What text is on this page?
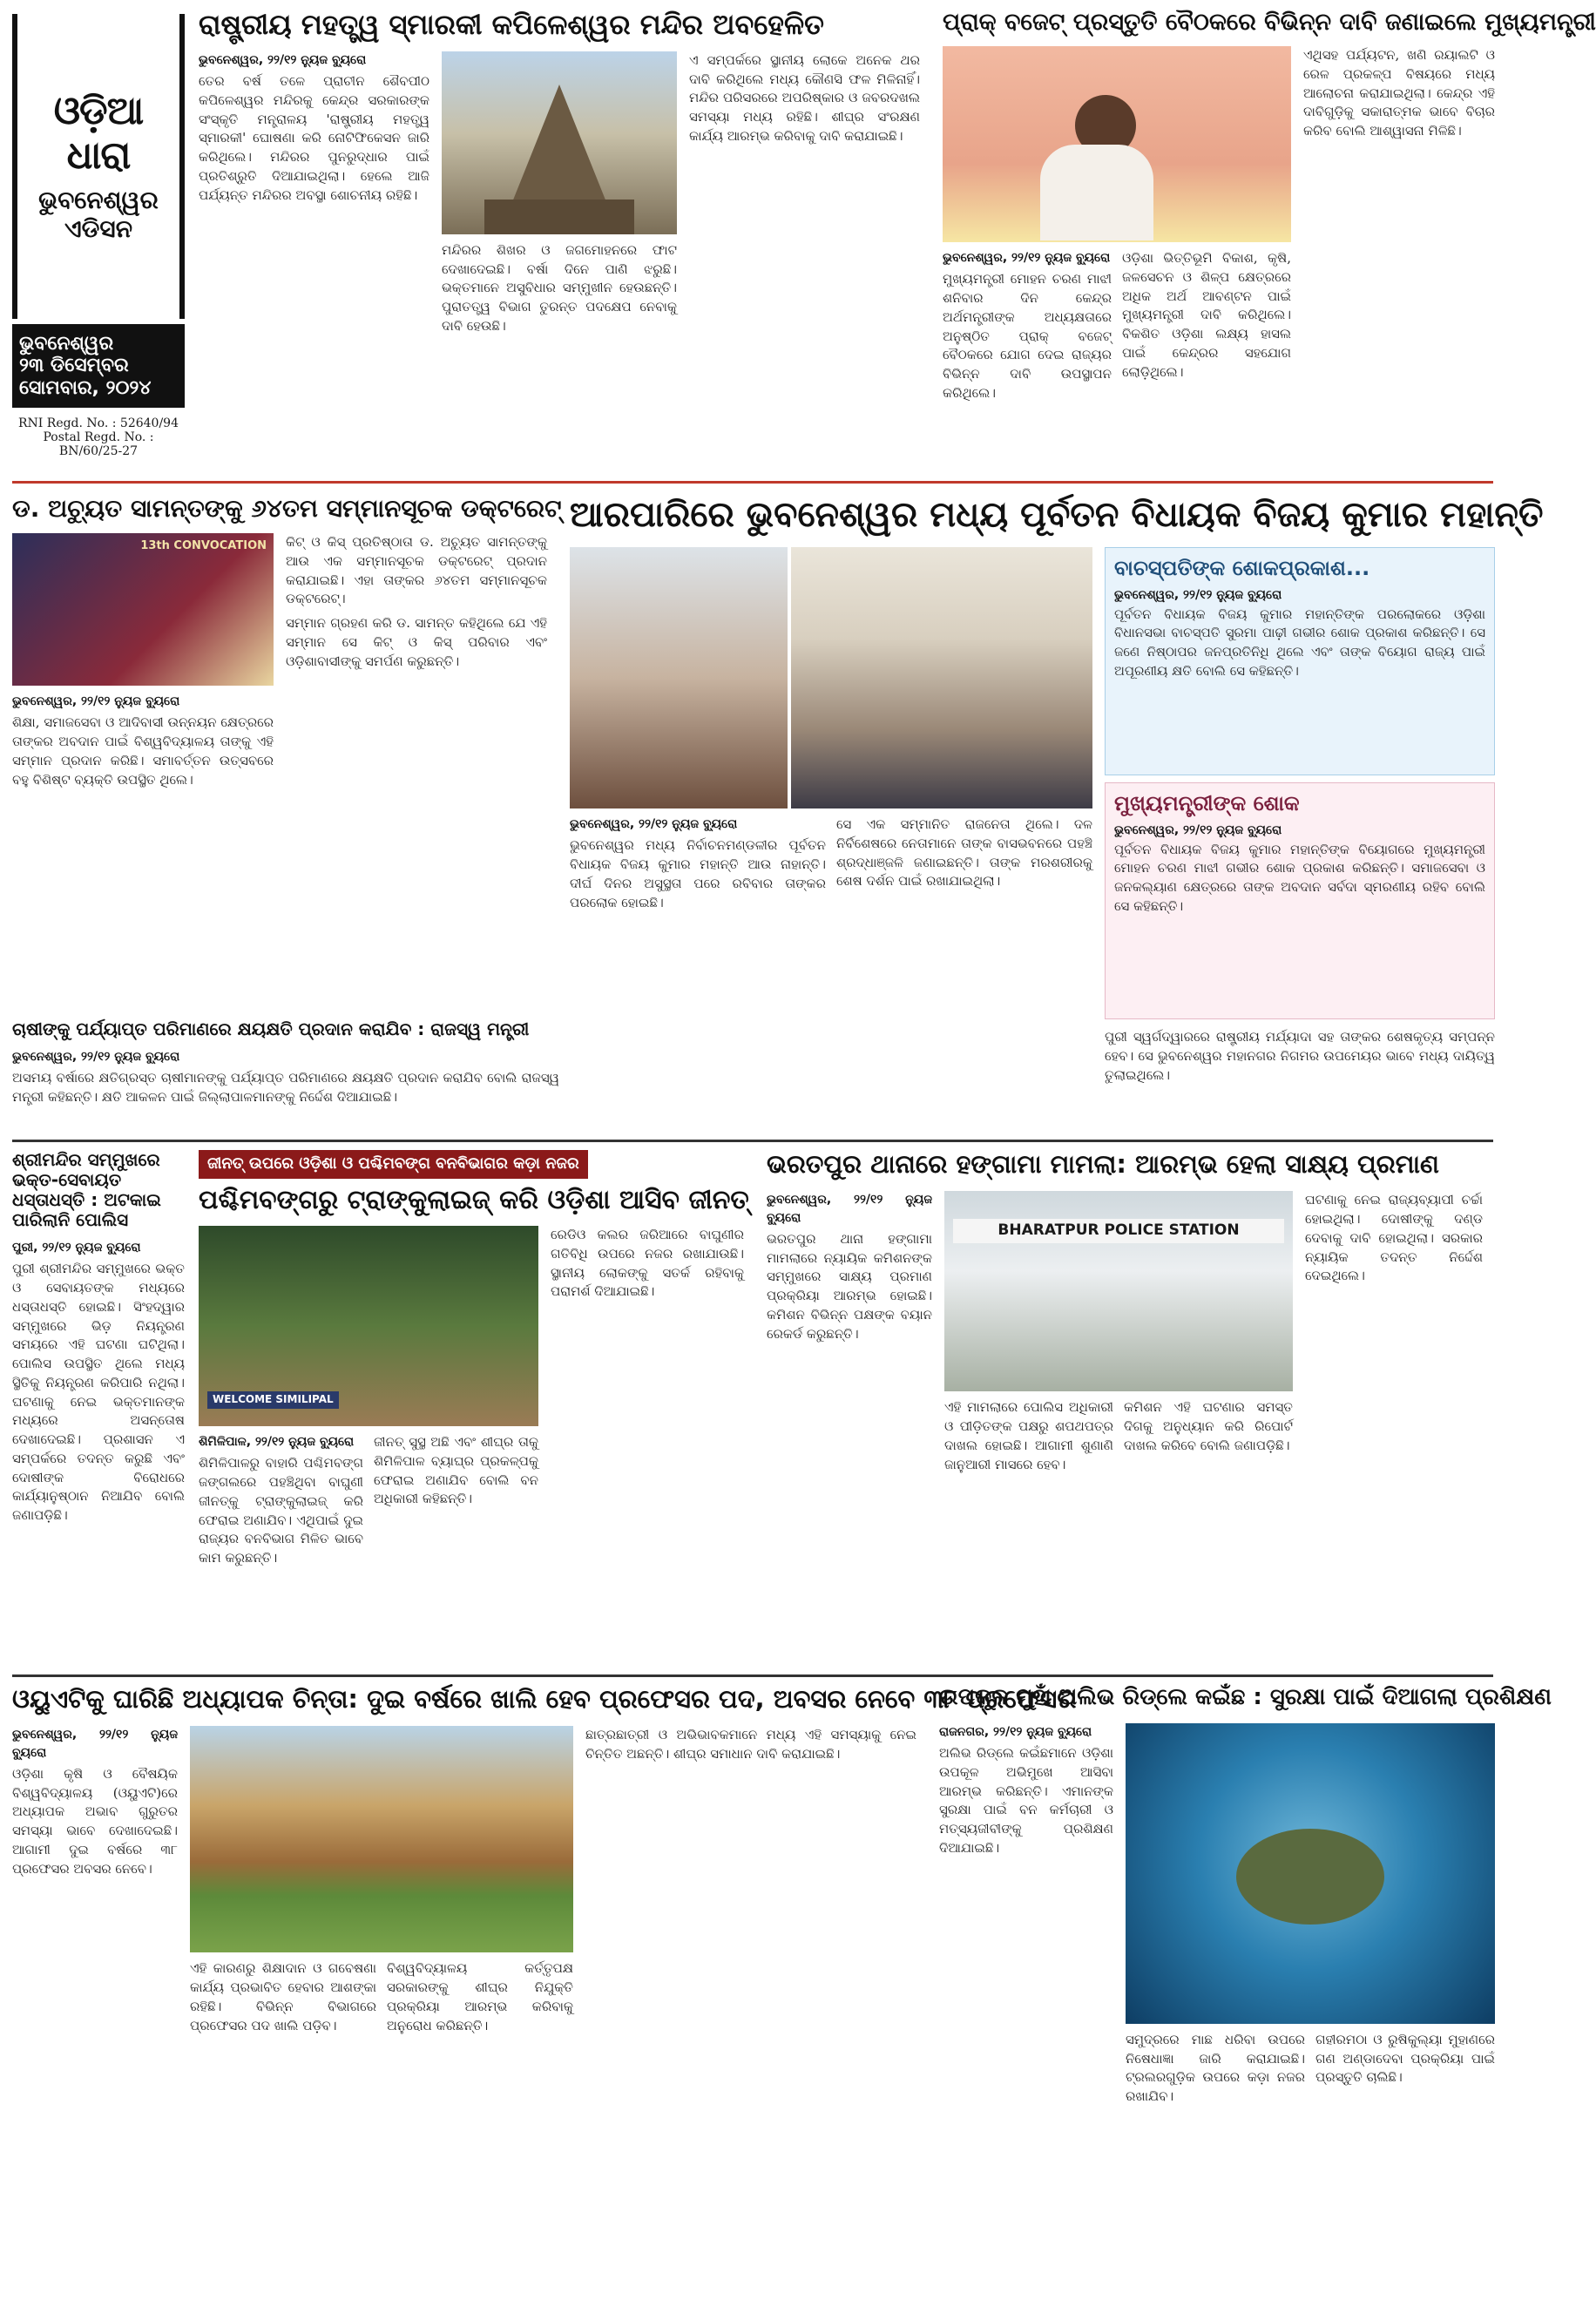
ଓଡ଼ିଆ ଧାରା
ଭୁବନେଶ୍ୱର ଏଡିସନ
ଭୁବନେଶ୍ୱର
୨୩ ଡିସେମ୍ବର
ସୋମବାର, ୨୦୨୪
RNI Regd. No. : 52640/94
Postal Regd. No. :
BN/60/25-27
ରାଷ୍ଟ୍ରୀୟ ମହତ୍ତ୍ୱ ସ୍ମାରକୀ କପିଳେଶ୍ୱର ମନ୍ଦିର ଅବହେଳିତ
ଭୁବନେଶ୍ୱର, ୨୨/୧୨ ନ୍ୟୁଜ ବ୍ୟୁରୋ
ତେର ବର୍ଷ ତଳେ ପ୍ରାଚୀନ ଶୈବପୀଠ କପିଳେଶ୍ୱର ମନ୍ଦିରକୁ କେନ୍ଦ୍ର ସରକାରଙ୍କ ସଂସ୍କୃତି ମନ୍ତ୍ରାଳୟ 'ରାଷ୍ଟ୍ରୀୟ ମହତ୍ତ୍ୱ ସ୍ମାରକୀ' ଘୋଷଣା କରି ନୋଟିଫିକେସନ ଜାରି କରିଥିଲେ। ମନ୍ଦିରର ପୁନରୁଦ୍ଧାର ପାଇଁ ପ୍ରତିଶ୍ରୁତି ଦିଆଯାଇଥିଲା। ହେଲେ ଆଜି ପର୍ଯ୍ୟନ୍ତ ମନ୍ଦିରର ଅବସ୍ଥା ଶୋଚନୀୟ ରହିଛି।
ମନ୍ଦିରର ଶିଖର ଓ ଜଗମୋହନରେ ଫାଟ ଦେଖାଦେଇଛି। ବର୍ଷା ଦିନେ ପାଣି ଝରୁଛି। ଭକ୍ତମାନେ ଅସୁବିଧାର ସମ୍ମୁଖୀନ ହେଉଛନ୍ତି। ପୁରାତତ୍ତ୍ୱ ବିଭାଗ ତୁରନ୍ତ ପଦକ୍ଷେପ ନେବାକୁ ଦାବି ହେଉଛି।
ଏ ସମ୍ପର୍କରେ ସ୍ଥାନୀୟ ଲୋକେ ଅନେକ ଥର ଦାବି କରିଥିଲେ ମଧ୍ୟ କୌଣସି ଫଳ ମିଳିନାହିଁ। ମନ୍ଦିର ପରିସରରେ ଅପରିଷ୍କାର ଓ ଜବରଦଖଲ ସମସ୍ୟା ମଧ୍ୟ ରହିଛି। ଶୀଘ୍ର ସଂରକ୍ଷଣ କାର୍ଯ୍ୟ ଆରମ୍ଭ କରିବାକୁ ଦାବି କରାଯାଇଛି।
ପ୍ରାକ୍ ବଜେଟ୍ ପ୍ରସ୍ତୁତି ବୈଠକରେ ବିଭିନ୍ନ ଦାବି ଜଣାଇଲେ ମୁଖ୍ୟମନ୍ତ୍ରୀ
ଭୁବନେଶ୍ୱର, ୨୨/୧୨ ନ୍ୟୁଜ ବ୍ୟୁରୋ
ମୁଖ୍ୟମନ୍ତ୍ରୀ ମୋହନ ଚରଣ ମାଝୀ ଶନିବାର ଦିନ କେନ୍ଦ୍ର ଅର୍ଥମନ୍ତ୍ରୀଙ୍କ ଅଧ୍ୟକ୍ଷତାରେ ଅନୁଷ୍ଠିତ ପ୍ରାକ୍ ବଜେଟ୍ ବୈଠକରେ ଯୋଗ ଦେଇ ରାଜ୍ୟର ବିଭିନ୍ନ ଦାବି ଉପସ୍ଥାପନ କରିଥିଲେ।
ଓଡ଼ିଶା ଭିତ୍ତିଭୂମି ବିକାଶ, କୃଷି, ଜଳସେଚନ ଓ ଶିଳ୍ପ କ୍ଷେତ୍ରରେ ଅଧିକ ଅର୍ଥ ଆବଣ୍ଟନ ପାଇଁ ମୁଖ୍ୟମନ୍ତ୍ରୀ ଦାବି କରିଥିଲେ। ବିକଶିତ ଓଡ଼ିଶା ଲକ୍ଷ୍ୟ ହାସଲ ପାଇଁ କେନ୍ଦ୍ରର ସହଯୋଗ ଲୋଡ଼ିଥିଲେ।
ଏଥିସହ ପର୍ଯ୍ୟଟନ, ଖଣି ରୟାଲଟି ଓ ରେଳ ପ୍ରକଳ୍ପ ବିଷୟରେ ମଧ୍ୟ ଆଲୋଚନା କରାଯାଇଥିଲା। କେନ୍ଦ୍ର ଏହି ଦାବିଗୁଡ଼ିକୁ ସକାରାତ୍ମକ ଭାବେ ବିଚାର କରିବ ବୋଲି ଆଶ୍ୱାସନା ମିଳିଛି।
ଡ. ଅଚ୍ୟୁତ ସାମନ୍ତଙ୍କୁ ୬୪ତମ ସମ୍ମାନସୂଚକ ଡକ୍ଟରେଟ୍
13th CONVOCATION
ଭୁବନେଶ୍ୱର, ୨୨/୧୨ ନ୍ୟୁଜ ବ୍ୟୁରୋ
ଶିକ୍ଷା, ସମାଜସେବା ଓ ଆଦିବାସୀ ଉନ୍ନୟନ କ୍ଷେତ୍ରରେ ତାଙ୍କର ଅବଦାନ ପାଇଁ ବିଶ୍ୱବିଦ୍ୟାଳୟ ତାଙ୍କୁ ଏହି ସମ୍ମାନ ପ୍ରଦାନ କରିଛି। ସମାବର୍ତ୍ତନ ଉତ୍ସବରେ ବହୁ ବିଶିଷ୍ଟ ବ୍ୟକ୍ତି ଉପସ୍ଥିତ ଥିଲେ।
କିଟ୍ ଓ କିସ୍ ପ୍ରତିଷ୍ଠାତା ଡ. ଅଚ୍ୟୁତ ସାମନ୍ତଙ୍କୁ ଆଉ ଏକ ସମ୍ମାନସୂଚକ ଡକ୍ଟରେଟ୍ ପ୍ରଦାନ କରାଯାଇଛି। ଏହା ତାଙ୍କର ୬୪ତମ ସମ୍ମାନସୂଚକ ଡକ୍ଟରେଟ୍।
ସମ୍ମାନ ଗ୍ରହଣ କରି ଡ. ସାମନ୍ତ କହିଥିଲେ ଯେ ଏହି ସମ୍ମାନ ସେ କିଟ୍ ଓ କିସ୍ ପରିବାର ଏବଂ ଓଡ଼ିଶାବାସୀଙ୍କୁ ସମର୍ପଣ କରୁଛନ୍ତି।
ଆରପାରିରେ ଭୁବନେଶ୍ୱର ମଧ୍ୟ ପୂର୍ବତନ ବିଧାୟକ ବିଜୟ କୁମାର ମହାନ୍ତି
ଭୁବନେଶ୍ୱର, ୨୨/୧୨ ନ୍ୟୁଜ ବ୍ୟୁରୋ
ଭୁବନେଶ୍ୱର ମଧ୍ୟ ନିର୍ବାଚନମଣ୍ଡଳୀର ପୂର୍ବତନ ବିଧାୟକ ବିଜୟ କୁମାର ମହାନ୍ତି ଆଉ ନାହାନ୍ତି। ଦୀର୍ଘ ଦିନର ଅସୁସ୍ଥତା ପରେ ରବିବାର ତାଙ୍କର ପରଲୋକ ହୋଇଛି।
ସେ ଏକ ସମ୍ମାନିତ ରାଜନେତା ଥିଲେ। ଦଳ ନିର୍ବିଶେଷରେ ନେତାମାନେ ତାଙ୍କ ବାସଭବନରେ ପହଞ୍ଚି ଶ୍ରଦ୍ଧାଞ୍ଜଳି ଜଣାଇଛନ୍ତି। ତାଙ୍କ ମରଶରୀରକୁ ଶେଷ ଦର୍ଶନ ପାଇଁ ରଖାଯାଇଥିଲା।
ବାଚସ୍ପତିଙ୍କ ଶୋକପ୍ରକାଶ...
ଭୁବନେଶ୍ୱର, ୨୨/୧୨ ନ୍ୟୁଜ ବ୍ୟୁରୋ
ପୂର୍ବତନ ବିଧାୟକ ବିଜୟ କୁମାର ମହାନ୍ତିଙ୍କ ପରଲୋକରେ ଓଡ଼ିଶା ବିଧାନସଭା ବାଚସ୍ପତି ସୁରମା ପାଢ଼ୀ ଗଭୀର ଶୋକ ପ୍ରକାଶ କରିଛନ୍ତି। ସେ ଜଣେ ନିଷ୍ଠାପର ଜନପ୍ରତିନିଧି ଥିଲେ ଏବଂ ତାଙ୍କ ବିୟୋଗ ରାଜ୍ୟ ପାଇଁ ଅପୂରଣୀୟ କ୍ଷତି ବୋଲି ସେ କହିଛନ୍ତି।
ମୁଖ୍ୟମନ୍ତ୍ରୀଙ୍କ ଶୋକ
ଭୁବନେଶ୍ୱର, ୨୨/୧୨ ନ୍ୟୁଜ ବ୍ୟୁରୋ
ପୂର୍ବତନ ବିଧାୟକ ବିଜୟ କୁମାର ମହାନ୍ତିଙ୍କ ବିୟୋଗରେ ମୁଖ୍ୟମନ୍ତ୍ରୀ ମୋହନ ଚରଣ ମାଝୀ ଗଭୀର ଶୋକ ପ୍ରକାଶ କରିଛନ୍ତି। ସମାଜସେବା ଓ ଜନକଲ୍ୟାଣ କ୍ଷେତ୍ରରେ ତାଙ୍କ ଅବଦାନ ସର୍ବଦା ସ୍ମରଣୀୟ ରହିବ ବୋଲି ସେ କହିଛନ୍ତି।
ପୁରୀ ସ୍ୱର୍ଗଦ୍ୱାରରେ ରାଷ୍ଟ୍ରୀୟ ମର୍ଯ୍ୟାଦା ସହ ତାଙ୍କର ଶେଷକୃତ୍ୟ ସମ୍ପନ୍ନ ହେବ। ସେ ଭୁବନେଶ୍ୱର ମହାନଗର ନିଗମର ଉପମେୟର ଭାବେ ମଧ୍ୟ ଦାୟିତ୍ୱ ତୁଲାଇଥିଲେ।
ଚାଷୀଙ୍କୁ ପର୍ଯ୍ୟାପ୍ତ ପରିମାଣରେ କ୍ଷୟକ୍ଷତି ପ୍ରଦାନ କରାଯିବ : ରାଜସ୍ୱ ମନ୍ତ୍ରୀ
ଭୁବନେଶ୍ୱର, ୨୨/୧୨ ନ୍ୟୁଜ ବ୍ୟୁରୋ
ଅସମୟ ବର୍ଷାରେ କ୍ଷତିଗ୍ରସ୍ତ ଚାଷୀମାନଙ୍କୁ ପର୍ଯ୍ୟାପ୍ତ ପରିମାଣରେ କ୍ଷୟକ୍ଷତି ପ୍ରଦାନ କରାଯିବ ବୋଲି ରାଜସ୍ୱ ମନ୍ତ୍ରୀ କହିଛନ୍ତି। କ୍ଷତି ଆକଳନ ପାଇଁ ଜିଲ୍ଲାପାଳମାନଙ୍କୁ ନିର୍ଦ୍ଦେଶ ଦିଆଯାଇଛି।
ଶ୍ରୀମନ୍ଦିର ସମ୍ମୁଖରେ ଭକ୍ତ-ସେବାୟତ ଧସ୍ତାଧସ୍ତି : ଅଟକାଇ ପାରିଲାନି ପୋଲିସ
ପୁରୀ, ୨୨/୧୨ ନ୍ୟୁଜ ବ୍ୟୁରୋ
ପୁରୀ ଶ୍ରୀମନ୍ଦିର ସମ୍ମୁଖରେ ଭକ୍ତ ଓ ସେବାୟତଙ୍କ ମଧ୍ୟରେ ଧସ୍ତାଧସ୍ତି ହୋଇଛି। ସିଂହଦ୍ୱାର ସମ୍ମୁଖରେ ଭିଡ଼ ନିୟନ୍ତ୍ରଣ ସମୟରେ ଏହି ଘଟଣା ଘଟିଥିଲା। ପୋଲିସ ଉପସ୍ଥିତ ଥିଲେ ମଧ୍ୟ ସ୍ଥିତିକୁ ନିୟନ୍ତ୍ରଣ କରିପାରି ନଥିଲା। ଘଟଣାକୁ ନେଇ ଭକ୍ତମାନଙ୍କ ମଧ୍ୟରେ ଅସନ୍ତୋଷ ଦେଖାଦେଇଛି। ପ୍ରଶାସନ ଏ ସମ୍ପର୍କରେ ତଦନ୍ତ କରୁଛି ଏବଂ ଦୋଷୀଙ୍କ ବିରୋଧରେ କାର୍ଯ୍ୟାନୁଷ୍ଠାନ ନିଆଯିବ ବୋଲି ଜଣାପଡ଼ିଛି।
ଜୀନତ୍ ଉପରେ ଓଡ଼ିଶା ଓ ପଶ୍ଚିମବଙ୍ଗ ବନବିଭାଗର କଡ଼ା ନଜର
ପଶ୍ଚିମବଙ୍ଗରୁ ଟ୍ରାଙ୍କୁଲାଇଜ୍ କରି ଓଡ଼ିଶା ଆସିବ ଜୀନତ୍
WELCOME SIMILIPAL
ଶିମିଳିପାଳ, ୨୨/୧୨ ନ୍ୟୁଜ ବ୍ୟୁରୋ
ଶିମିଳିପାଳରୁ ବାହାରି ପଶ୍ଚିମବଙ୍ଗ ଜଙ୍ଗଲରେ ପହଞ୍ଚିଥିବା ବାଘୁଣୀ ଜୀନତ୍‌କୁ ଟ୍ରାଙ୍କୁଲାଇଜ୍ କରି ଫେରାଇ ଅଣାଯିବ। ଏଥିପାଇଁ ଦୁଇ ରାଜ୍ୟର ବନବିଭାଗ ମିଳିତ ଭାବେ କାମ କରୁଛନ୍ତି।
ଜୀନତ୍ ସୁସ୍ଥ ଅଛି ଏବଂ ଶୀଘ୍ର ତାକୁ ଶିମିଳିପାଳ ବ୍ୟାଘ୍ର ପ୍ରକଳ୍ପକୁ ଫେରାଇ ଅଣାଯିବ ବୋଲି ବନ ଅଧିକାରୀ କହିଛନ୍ତି।
ରେଡିଓ କଲର ଜରିଆରେ ବାଘୁଣୀର ଗତିବିଧି ଉପରେ ନଜର ରଖାଯାଉଛି। ସ୍ଥାନୀୟ ଲୋକଙ୍କୁ ସତର୍କ ରହିବାକୁ ପରାମର୍ଶ ଦିଆଯାଇଛି।
ଭରତପୁର ଥାନାରେ ହଙ୍ଗାମା ମାମଲା: ଆରମ୍ଭ ହେଲା ସାକ୍ଷ୍ୟ ପ୍ରମାଣ
ଭୁବନେଶ୍ୱର, ୨୨/୧୨ ନ୍ୟୁଜ ବ୍ୟୁରୋ
ଭରତପୁର ଥାନା ହଙ୍ଗାମା ମାମଲାରେ ନ୍ୟାୟିକ କମିଶନଙ୍କ ସମ୍ମୁଖରେ ସାକ୍ଷ୍ୟ ପ୍ରମାଣ ପ୍ରକ୍ରିୟା ଆରମ୍ଭ ହୋଇଛି। କମିଶନ ବିଭିନ୍ନ ପକ୍ଷଙ୍କ ବୟାନ ରେକର୍ଡ କରୁଛନ୍ତି।
BHARATPUR POLICE STATION
ଏହି ମାମଲାରେ ପୋଲିସ ଅଧିକାରୀ ଓ ପୀଡ଼ିତଙ୍କ ପକ୍ଷରୁ ଶପଥପତ୍ର ଦାଖଲ ହୋଇଛି। ଆଗାମୀ ଶୁଣାଣି ଜାନୁଆରୀ ମାସରେ ହେବ।
କମିଶନ ଏହି ଘଟଣାର ସମସ୍ତ ଦିଗକୁ ଅନୁଧ୍ୟାନ କରି ରିପୋର୍ଟ ଦାଖଲ କରିବେ ବୋଲି ଜଣାପଡ଼ିଛି।
ଘଟଣାକୁ ନେଇ ରାଜ୍ୟବ୍ୟାପୀ ଚର୍ଚ୍ଚା ହୋଇଥିଲା। ଦୋଷୀଙ୍କୁ ଦଣ୍ଡ ଦେବାକୁ ଦାବି ହୋଇଥିଲା। ସରକାର ନ୍ୟାୟିକ ତଦନ୍ତ ନିର୍ଦ୍ଦେଶ ଦେଇଥିଲେ।
ଓୟୁଏଟିକୁ ଘାରିଛି ଅଧ୍ୟାପକ ଚିନ୍ତା: ଦୁଇ ବର୍ଷରେ ଖାଲି ହେବ ପ୍ରଫେସର ପଦ, ଅବସର ନେବେ ୩୮ ପ୍ରଫେସର
ଭୁବନେଶ୍ୱର, ୨୨/୧୨ ନ୍ୟୁଜ ବ୍ୟୁରୋ
ଓଡ଼ିଶା କୃଷି ଓ ବୈଷୟିକ ବିଶ୍ୱବିଦ୍ୟାଳୟ (ଓୟୁଏଟି)ରେ ଅଧ୍ୟାପକ ଅଭାବ ଗୁରୁତର ସମସ୍ୟା ଭାବେ ଦେଖାଦେଇଛି। ଆଗାମୀ ଦୁଇ ବର୍ଷରେ ୩୮ ପ୍ରଫେସର ଅବସର ନେବେ।
ଏହି କାରଣରୁ ଶିକ୍ଷାଦାନ ଓ ଗବେଷଣା କାର୍ଯ୍ୟ ପ୍ରଭାବିତ ହେବାର ଆଶଙ୍କା ରହିଛି। ବିଭିନ୍ନ ବିଭାଗରେ ପ୍ରଫେସର ପଦ ଖାଲି ପଡ଼ିବ।
ବିଶ୍ୱବିଦ୍ୟାଳୟ କର୍ତ୍ତୃପକ୍ଷ ସରକାରଙ୍କୁ ଶୀଘ୍ର ନିଯୁକ୍ତି ପ୍ରକ୍ରିୟା ଆରମ୍ଭ କରିବାକୁ ଅନୁରୋଧ କରିଛନ୍ତି।
ଛାତ୍ରଛାତ୍ରୀ ଓ ଅଭିଭାବକମାନେ ମଧ୍ୟ ଏହି ସମସ୍ୟାକୁ ନେଇ ଚିନ୍ତିତ ଅଛନ୍ତି। ଶୀଘ୍ର ସମାଧାନ ଦାବି କରାଯାଇଛି।
ଉପକୂଳ ମୁହାଁ ଅଲିଭ ରିଡ୍‌ଲେ କଇଁଛ : ସୁରକ୍ଷା ପାଇଁ ଦିଆଗଲା ପ୍ରଶିକ୍ଷଣ
ରାଜନଗର, ୨୨/୧୨ ନ୍ୟୁଜ ବ୍ୟୁରୋ
ଅଲିଭ ରିଡ୍‌ଲେ କଇଁଛମାନେ ଓଡ଼ିଶା ଉପକୂଳ ଅଭିମୁଖେ ଆସିବା ଆରମ୍ଭ କରିଛନ୍ତି। ଏମାନଙ୍କ ସୁରକ୍ଷା ପାଇଁ ବନ କର୍ମଚାରୀ ଓ ମତ୍ସ୍ୟଜୀବୀଙ୍କୁ ପ୍ରଶିକ୍ଷଣ ଦିଆଯାଇଛି।
ସମୁଦ୍ରରେ ମାଛ ଧରିବା ଉପରେ ନିଷେଧାଜ୍ଞା ଜାରି କରାଯାଇଛି। ଟ୍ରଲରଗୁଡ଼ିକ ଉପରେ କଡ଼ା ନଜର ରଖାଯିବ।
ଗହୀରମଠା ଓ ରୁଷିକୁଲ୍ୟା ମୁହାଣରେ ଗଣ ଅଣ୍ଡାଦେବା ପ୍ରକ୍ରିୟା ପାଇଁ ପ୍ରସ୍ତୁତି ଚାଲିଛି।
